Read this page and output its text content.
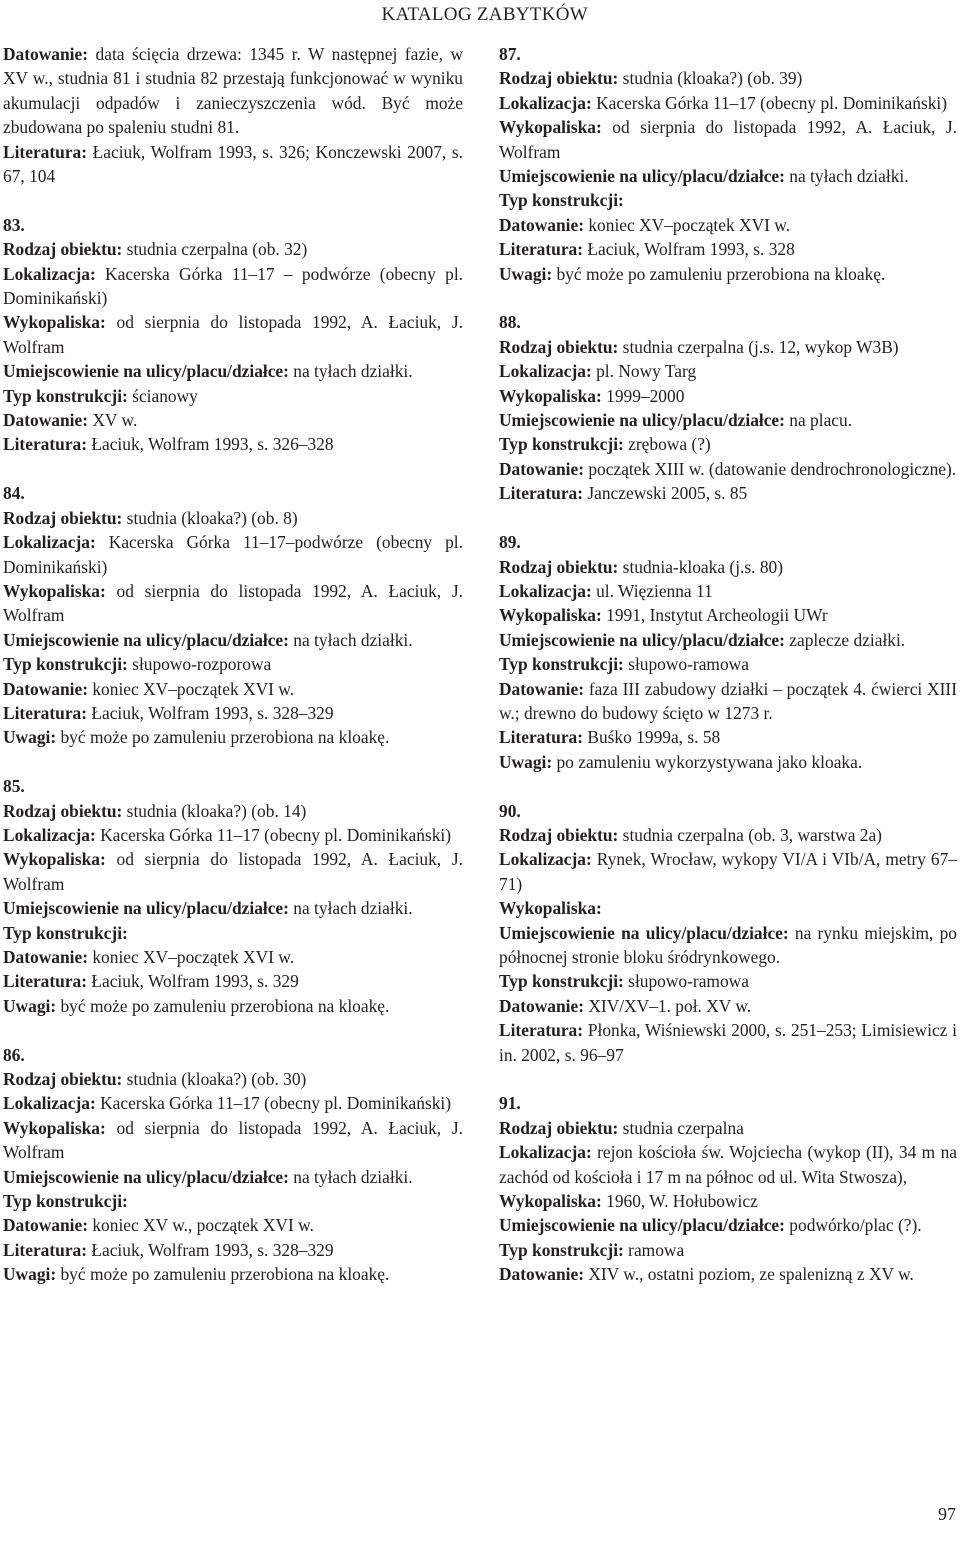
KATALOG ZABYTKÓW

Datowanie: data ścięcia drzewa: 1345 r. W następnej fazie, w XV w., studnia 81 i studnia 82 przestają funkcjonować w wyniku akumulacji odpadów i zanieczyszczenia wód. Być może zbudowana po spaleniu studni 81.

Literatura: Łaciuk, Wolfram 1993, s. 326; Konczewski 2007, s. 67, 104

83.

Rodzaj obiektu: studnia czerpalna (ob. 32)

Lokalizacja: Kacerska Górka 11–17 – podwórze (obecny pl. Dominikański)

Wykopaliska: od sierpnia do listopada 1992, A. Łaciuk, J. Wolfram

Umiejscowienie na ulicy/placu/działce: na tyłach działki.

Typ konstrukcji: ścianowy

Datowanie: XV w.

Literatura: Łaciuk, Wolfram 1993, s. 326–328

84.

Rodzaj obiektu: studnia (kloaka?) (ob. 8)

Lokalizacja: Kacerska Górka 11–17–podwórze (obecny pl. Dominikański)

Wykopaliska: od sierpnia do listopada 1992, A. Łaciuk, J. Wolfram

Umiejscowienie na ulicy/placu/działce: na tyłach działki.

Typ konstrukcji: słupowo-rozporowa

Datowanie: koniec XV–początek XVI w.

Literatura: Łaciuk, Wolfram 1993, s. 328–329

Uwagi: być może po zamuleniu przerobiona na kloakę.

85.

Rodzaj obiektu: studnia (kloaka?) (ob. 14)

Lokalizacja: Kacerska Górka 11–17 (obecny pl. Dominikański)

Wykopaliska: od sierpnia do listopada 1992, A. Łaciuk, J. Wolfram

Umiejscowienie na ulicy/placu/działce: na tyłach działki.

Typ konstrukcji:

Datowanie: koniec XV–początek XVI w.

Literatura: Łaciuk, Wolfram 1993, s. 329

Uwagi: być może po zamuleniu przerobiona na kloakę.

86.

Rodzaj obiektu: studnia (kloaka?) (ob. 30)

Lokalizacja: Kacerska Górka 11–17 (obecny pl. Dominikański)

Wykopaliska: od sierpnia do listopada 1992, A. Łaciuk, J. Wolfram

Umiejscowienie na ulicy/placu/działce: na tyłach działki.

Typ konstrukcji:

Datowanie: koniec XV w., początek XVI w.

Literatura: Łaciuk, Wolfram 1993, s. 328–329

Uwagi: być może po zamuleniu przerobiona na kloakę.

87.

Rodzaj obiektu: studnia (kloaka?) (ob. 39)

Lokalizacja: Kacerska Górka 11–17 (obecny pl. Dominikański)

Wykopaliska: od sierpnia do listopada 1992, A. Łaciuk, J. Wolfram

Umiejscowienie na ulicy/placu/działce: na tyłach działki.

Typ konstrukcji:

Datowanie: koniec XV–początek XVI w.

Literatura: Łaciuk, Wolfram 1993, s. 328

Uwagi: być może po zamuleniu przerobiona na kloakę.

88.

Rodzaj obiektu: studnia czerpalna (j.s. 12, wykop W3B)

Lokalizacja: pl. Nowy Targ

Wykopaliska: 1999–2000

Umiejscowienie na ulicy/placu/działce: na placu.

Typ konstrukcji: zrębowa (?)

Datowanie: początek XIII w. (datowanie dendrochronologiczne).

Literatura: Janczewski 2005, s. 85

89.

Rodzaj obiektu: studnia-kloaka (j.s. 80)

Lokalizacja: ul. Więzienna 11

Wykopaliska: 1991, Instytut Archeologii UWr

Umiejscowienie na ulicy/placu/działce: zaplecze działki.

Typ konstrukcji: słupowo-ramowa

Datowanie: faza III zabudowy działki – początek 4. ćwierci XIII w.; drewno do budowy ścięto w 1273 r.

Literatura: Buśko 1999a, s. 58

Uwagi: po zamuleniu wykorzystywana jako kloaka.

90.

Rodzaj obiektu: studnia czerpalna (ob. 3, warstwa 2a)

Lokalizacja: Rynek, Wrocław, wykopy VI/A i VIb/A, metry 67–71)

Wykopaliska:

Umiejscowienie na ulicy/placu/działce: na rynku miejskim, po północnej stronie bloku śródrynkowego.

Typ konstrukcji: słupowo-ramowa

Datowanie: XIV/XV–1. poł. XV w.

Literatura: Płonka, Wiśniewski 2000, s. 251–253; Limisiewicz i in. 2002, s. 96–97

91.

Rodzaj obiektu: studnia czerpalna

Lokalizacja: rejon kościoła św. Wojciecha (wykop (II), 34 m na zachód od kościoła i 17 m na północ od ul. Wita Stwosza),

Wykopaliska: 1960, W. Hołubowicz

Umiejscowienie na ulicy/placu/działce: podwórko/plac (?).

Typ konstrukcji: ramowa

Datowanie: XIV w., ostatni poziom, ze spalenizną z XV w.

97
